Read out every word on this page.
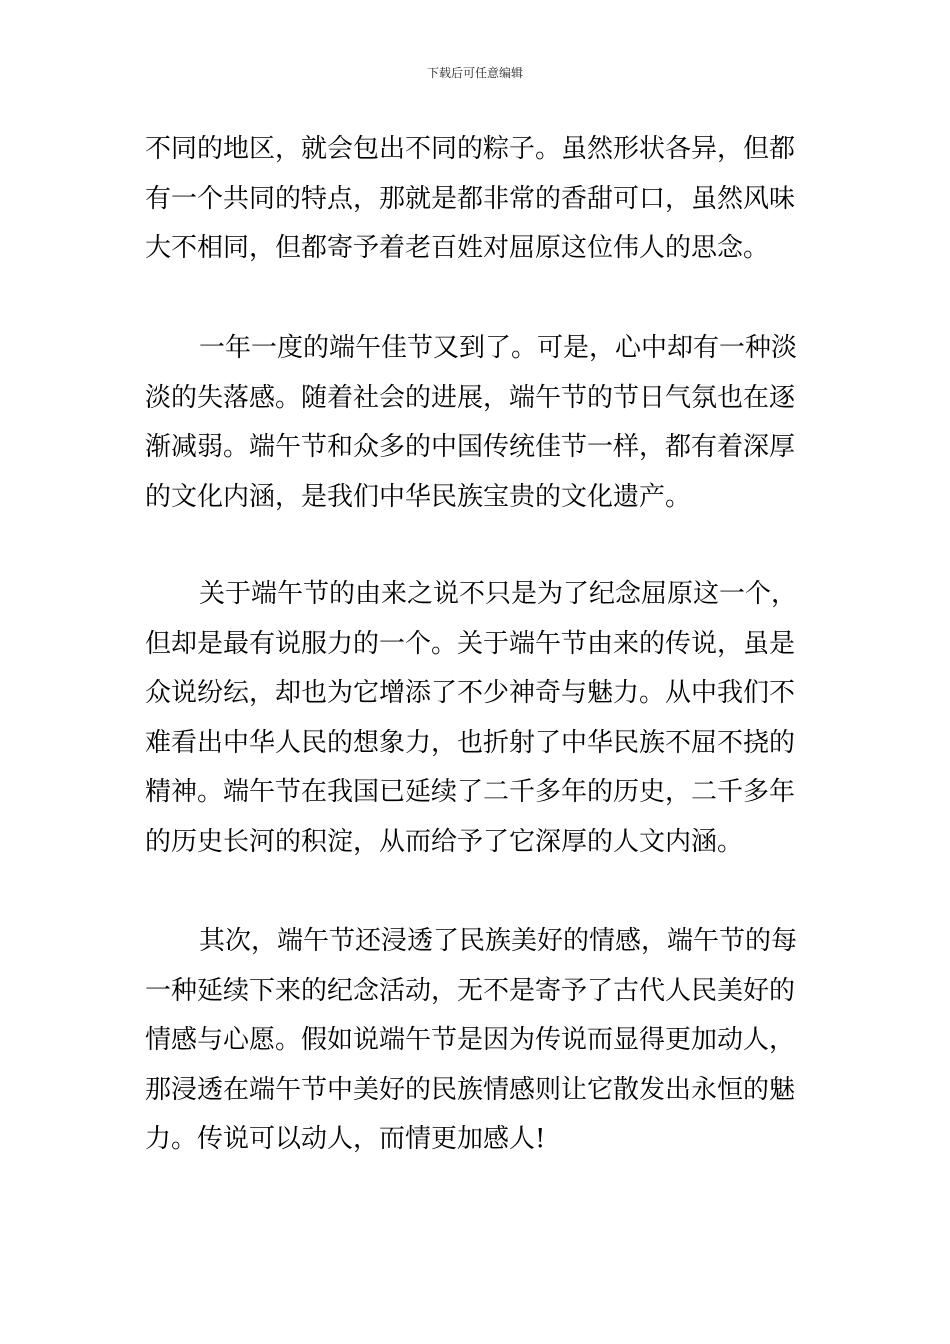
下载后可任意编辑
不同的地区，就会包出不同的粽子。虽然形状各异，但都
有一个共同的特点，那就是都非常的香甜可口，虽然风味
大不相同，但都寄予着老百姓对屈原这位伟人的思念。
一年一度的端午佳节又到了。可是，心中却有一种淡
淡的失落感。随着社会的进展，端午节的节日气氛也在逐
渐减弱。端午节和众多的中国传统佳节一样，都有着深厚
的文化内涵，是我们中华民族宝贵的文化遗产。
关于端午节的由来之说不只是为了纪念屈原这一个，
但却是最有说服力的一个。关于端午节由来的传说，虽是
众说纷纭，却也为它增添了不少神奇与魅力。从中我们不
难看出中华人民的想象力，也折射了中华民族不屈不挠的
精神。端午节在我国已延续了二千多年的历史，二千多年
的历史长河的积淀，从而给予了它深厚的人文内涵。
其次，端午节还浸透了民族美好的情感，端午节的每
一种延续下来的纪念活动，无不是寄予了古代人民美好的
情感与心愿。假如说端午节是因为传说而显得更加动人，
那浸透在端午节中美好的民族情感则让它散发出永恒的魅
力。传说可以动人，而情更加感人!
